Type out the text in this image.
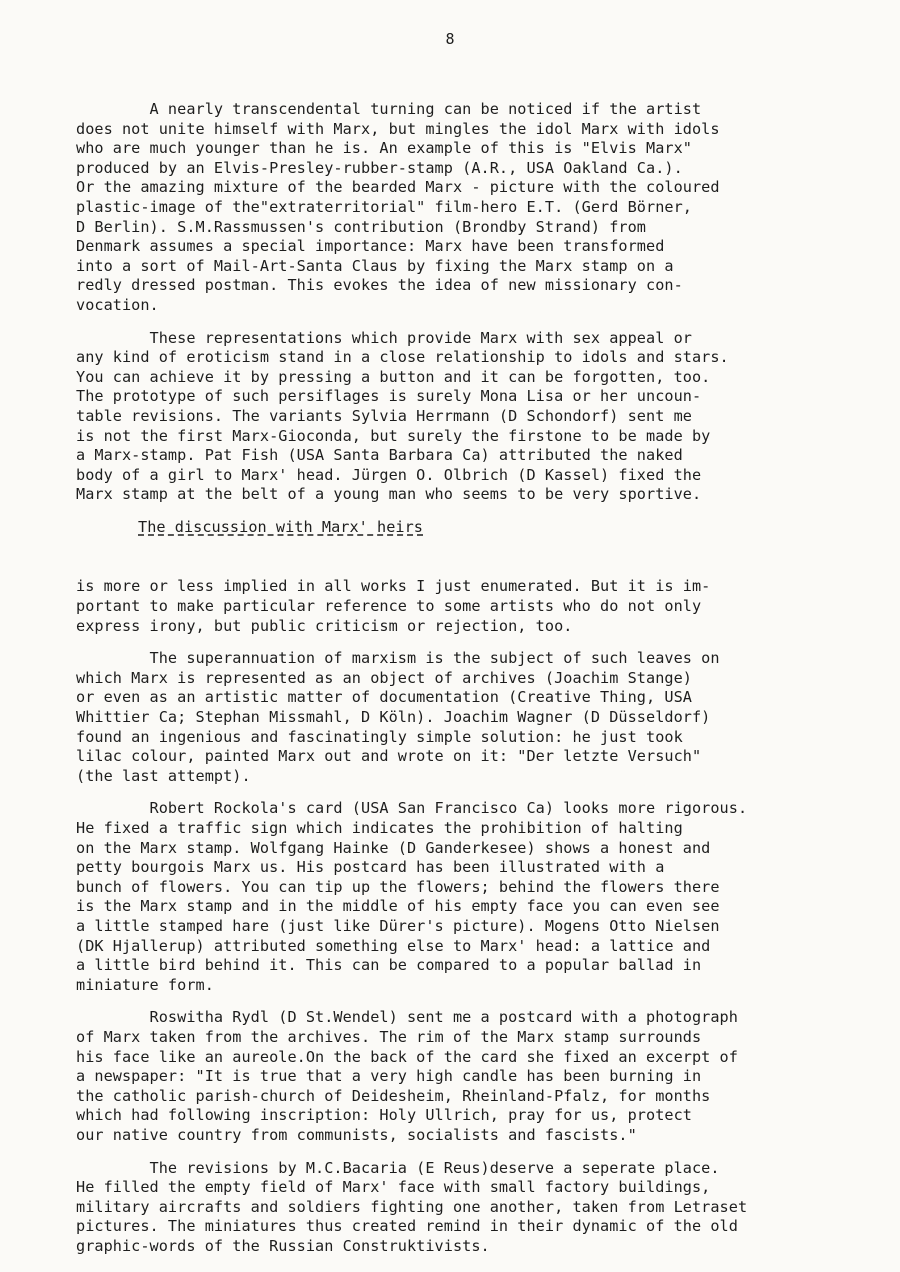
8

A nearly transcendental turning can be noticed if the artist
does not unite himself with Marx, but mingles the idol Marx with idols
who are much younger than he is. An example of this is "Elvis Marx"
produced by an Elvis-Presley-rubber-stamp (A.R., USA Oakland Ca.).
Or the amazing mixture of the bearded Marx - picture with the coloured
plastic-image of the"extraterritorial" film-hero E.T. (Gerd Börner,
D Berlin). S.M.Rassmussen's contribution (Brondby Strand) from
Denmark assumes a special importance: Marx have been transformed
into a sort of Mail-Art-Santa Claus by fixing the Marx stamp on a
redly dressed postman. This evokes the idea of new missionary con-
vocation.

These representations which provide Marx with sex appeal or
any kind of eroticism stand in a close relationship to idols and stars.
You can achieve it by pressing a button and it can be forgotten, too.
The prototype of such persiflages is surely Mona Lisa or her uncoun-
table revisions. The variants Sylvia Herrmann (D Schondorf) sent me
is not the first Marx-Gioconda, but surely the firstone to be made by
a Marx-stamp. Pat Fish (USA Santa Barbara Ca) attributed the naked
body of a girl to Marx' head. Jürgen O. Olbrich (D Kassel) fixed the
Marx stamp at the belt of a young man who seems to be very sportive.

The discussion with Marx' heirs

is more or less implied in all works I just enumerated. But it is im-
portant to make particular reference to some artists who do not only
express irony, but public criticism or rejection, too.

The superannuation of marxism is the subject of such leaves on
which Marx is represented as an object of archives (Joachim Stange)
or even as an artistic matter of documentation (Creative Thing, USA
Whittier Ca; Stephan Missmahl, D Köln). Joachim Wagner (D Düsseldorf)
found an ingenious and fascinatingly simple solution: he just took
lilac colour, painted Marx out and wrote on it: "Der letzte Versuch"
(the last attempt).

Robert Rockola's card (USA San Francisco Ca) looks more rigorous.
He fixed a traffic sign which indicates the prohibition of halting
on the Marx stamp. Wolfgang Hainke (D Ganderkesee) shows a honest and
petty bourgois Marx us. His postcard has been illustrated with a
bunch of flowers. You can tip up the flowers; behind the flowers there
is the Marx stamp and in the middle of his empty face you can even see
a little stamped hare (just like Dürer's picture). Mogens Otto Nielsen
(DK Hjallerup) attributed something else to Marx' head: a lattice and
a little bird behind it. This can be compared to a popular ballad in
miniature form.

Roswitha Rydl (D St.Wendel) sent me a postcard with a photograph
of Marx taken from the archives. The rim of the Marx stamp surrounds
his face like an aureole.On the back of the card she fixed an excerpt of
a newspaper: "It is true that a very high candle has been burning in
the catholic parish-church of Deidesheim, Rheinland-Pfalz, for months
which had following inscription: Holy Ullrich, pray for us, protect
our native country from communists, socialists and fascists."

The revisions by M.C.Bacaria (E Reus)deserve a seperate place.
He filled the empty field of Marx' face with small factory buildings,
military aircrafts and soldiers fighting one another, taken from Letraset
pictures. The miniatures thus created remind in their dynamic of the old
graphic-words of the Russian Construktivists.
